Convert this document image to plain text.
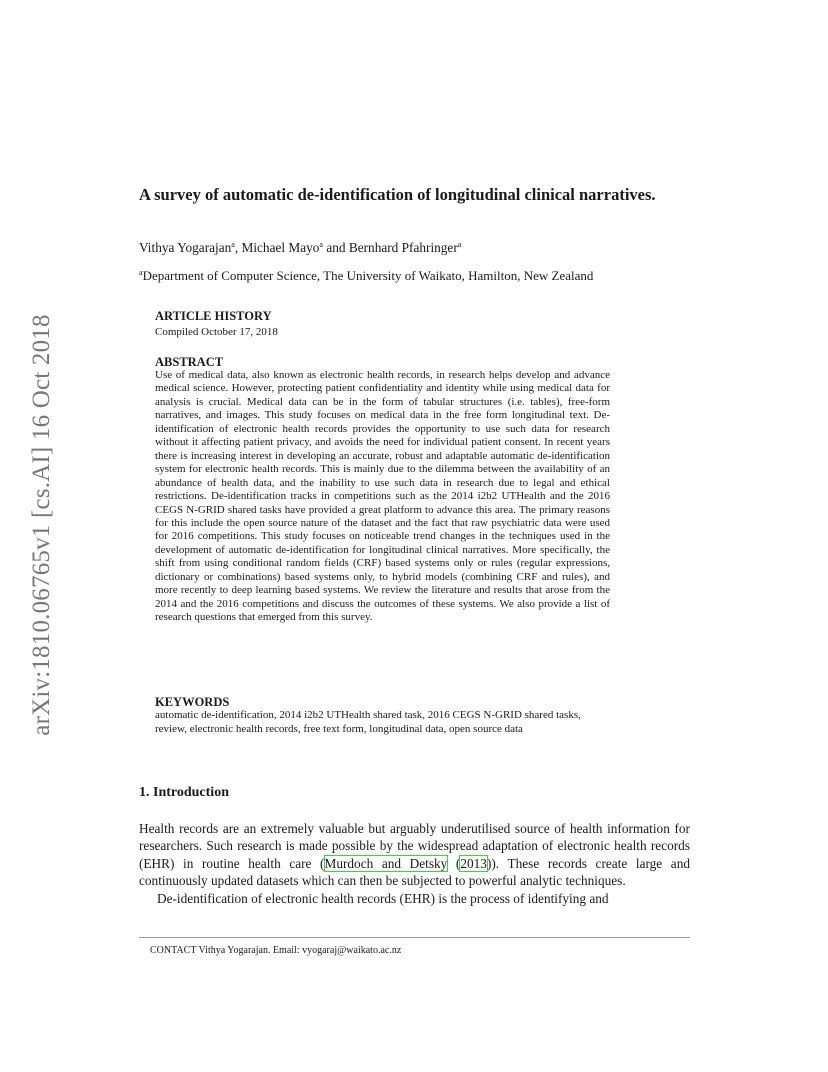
arXiv:1810.06765v1 [cs.AI] 16 Oct 2018
A survey of automatic de-identification of longitudinal clinical narratives.
Vithya Yogarajan$^a$, Michael Mayo$^a$ and Bernhard Pfahringer$^a$
$^a$Department of Computer Science, The University of Waikato, Hamilton, New Zealand
ARTICLE HISTORY
Compiled October 17, 2018
ABSTRACT
Use of medical data, also known as electronic health records, in research helps develop and advance medical science. However, protecting patient confidentiality and identity while using medical data for analysis is crucial. Medical data can be in the form of tabular structures (i.e. tables), free-form narratives, and images. This study focuses on medical data in the free form longitudinal text. De-identification of electronic health records provides the opportunity to use such data for research without it affecting patient privacy, and avoids the need for individual patient consent. In recent years there is increasing interest in developing an accurate, robust and adaptable automatic de-identification system for electronic health records. This is mainly due to the dilemma between the availability of an abundance of health data, and the inability to use such data in research due to legal and ethical restrictions. De-identification tracks in competitions such as the 2014 i2b2 UTHealth and the 2016 CEGS N-GRID shared tasks have provided a great platform to advance this area. The primary reasons for this include the open source nature of the dataset and the fact that raw psychiatric data were used for 2016 competitions. This study focuses on noticeable trend changes in the techniques used in the development of automatic de-identification for longitudinal clinical narratives. More specifically, the shift from using conditional random fields (CRF) based systems only or rules (regular expressions, dictionary or combinations) based systems only, to hybrid models (combining CRF and rules), and more recently to deep learning based systems. We review the literature and results that arose from the 2014 and the 2016 competitions and discuss the outcomes of these systems. We also provide a list of research questions that emerged from this survey.
KEYWORDS
automatic de-identification, 2014 i2b2 UTHealth shared task, 2016 CEGS N-GRID shared tasks, review, electronic health records, free text form, longitudinal data, open source data
1. Introduction

Health records are an extremely valuable but arguably underutilised source of health information for researchers. Such research is made possible by the widespread adaptation of electronic health records (EHR) in routine health care (Murdoch and Detsky (2013)). These records create large and continuously updated datasets which can then be subjected to powerful analytic techniques.

De-identification of electronic health records (EHR) is the process of identifying and

CONTACT Vithya Yogarajan. Email: vyogaraj@waikato.ac.nz
